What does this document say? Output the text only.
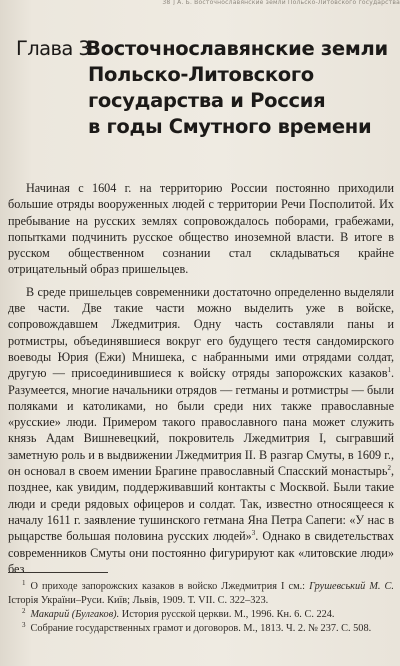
38 ] А. Б. Восточнославянские земли Польско-Литовского государства
Глава 3.Восточнославянские земли
Польско-Литовского
государства и Россия
в годы Смутного времени

Начиная с 1604 г. на территорию России постоянно приходили большие отряды вооруженных людей с территории Речи Посполитой. Их пребывание на русских землях сопровождалось поборами, грабежами, попытками подчинить русское общество иноземной власти. В итоге в русском общественном сознании стал складываться крайне отрицательный образ пришельцев.

В среде пришельцев современники достаточно определенно выделяли две части. Две такие части можно выделить уже в войске, сопровождавшем Лжедмитрия. Одну часть составляли паны и ротмистры, объединявшиеся вокруг его будущего тестя сандомирского воеводы Юрия (Ежи) Мнишека, с набранными ими отрядами солдат, другую — присоединившиеся к войску отряды запорожских казаков$^1$. Разумеется, многие начальники отрядов — гетманы и ротмистры — были поляками и католиками, но были среди них также православные «русские» люди. Примером такого православного пана может служить князь Адам Вишневецкий, покровитель Лжедмитрия I, сыгравший заметную роль и в выдвижении Лжедмитрия II. В разгар Смуты, в 1609 г., он основал в своем имении Брагине православный Спасский монастырь$^2$, позднее, как увидим, поддерживавший контакты с Москвой. Были такие люди и среди рядовых офицеров и солдат. Так, известно относящееся к началу 1611 г. заявление тушинского гетмана Яна Петра Сапеги: «У нас в рыцарстве большая половина русских людей»$^3$. Однако в свидетельствах современников Смуты они постоянно фигурируют как «литовские люди» без

$^1$ О приходе запорожских казаков в войско Лжедмитрия I см.: Грушевський М. С. Історія України–Руси. Київ; Львів, 1909. Т. VII. С. 322–323.

$^2$ Макарий (Булгаков). История русской церкви. М., 1996. Кн. 6. С. 224.

$^3$ Собрание государственных грамот и договоров. М., 1813. Ч. 2. № 237. С. 508.
